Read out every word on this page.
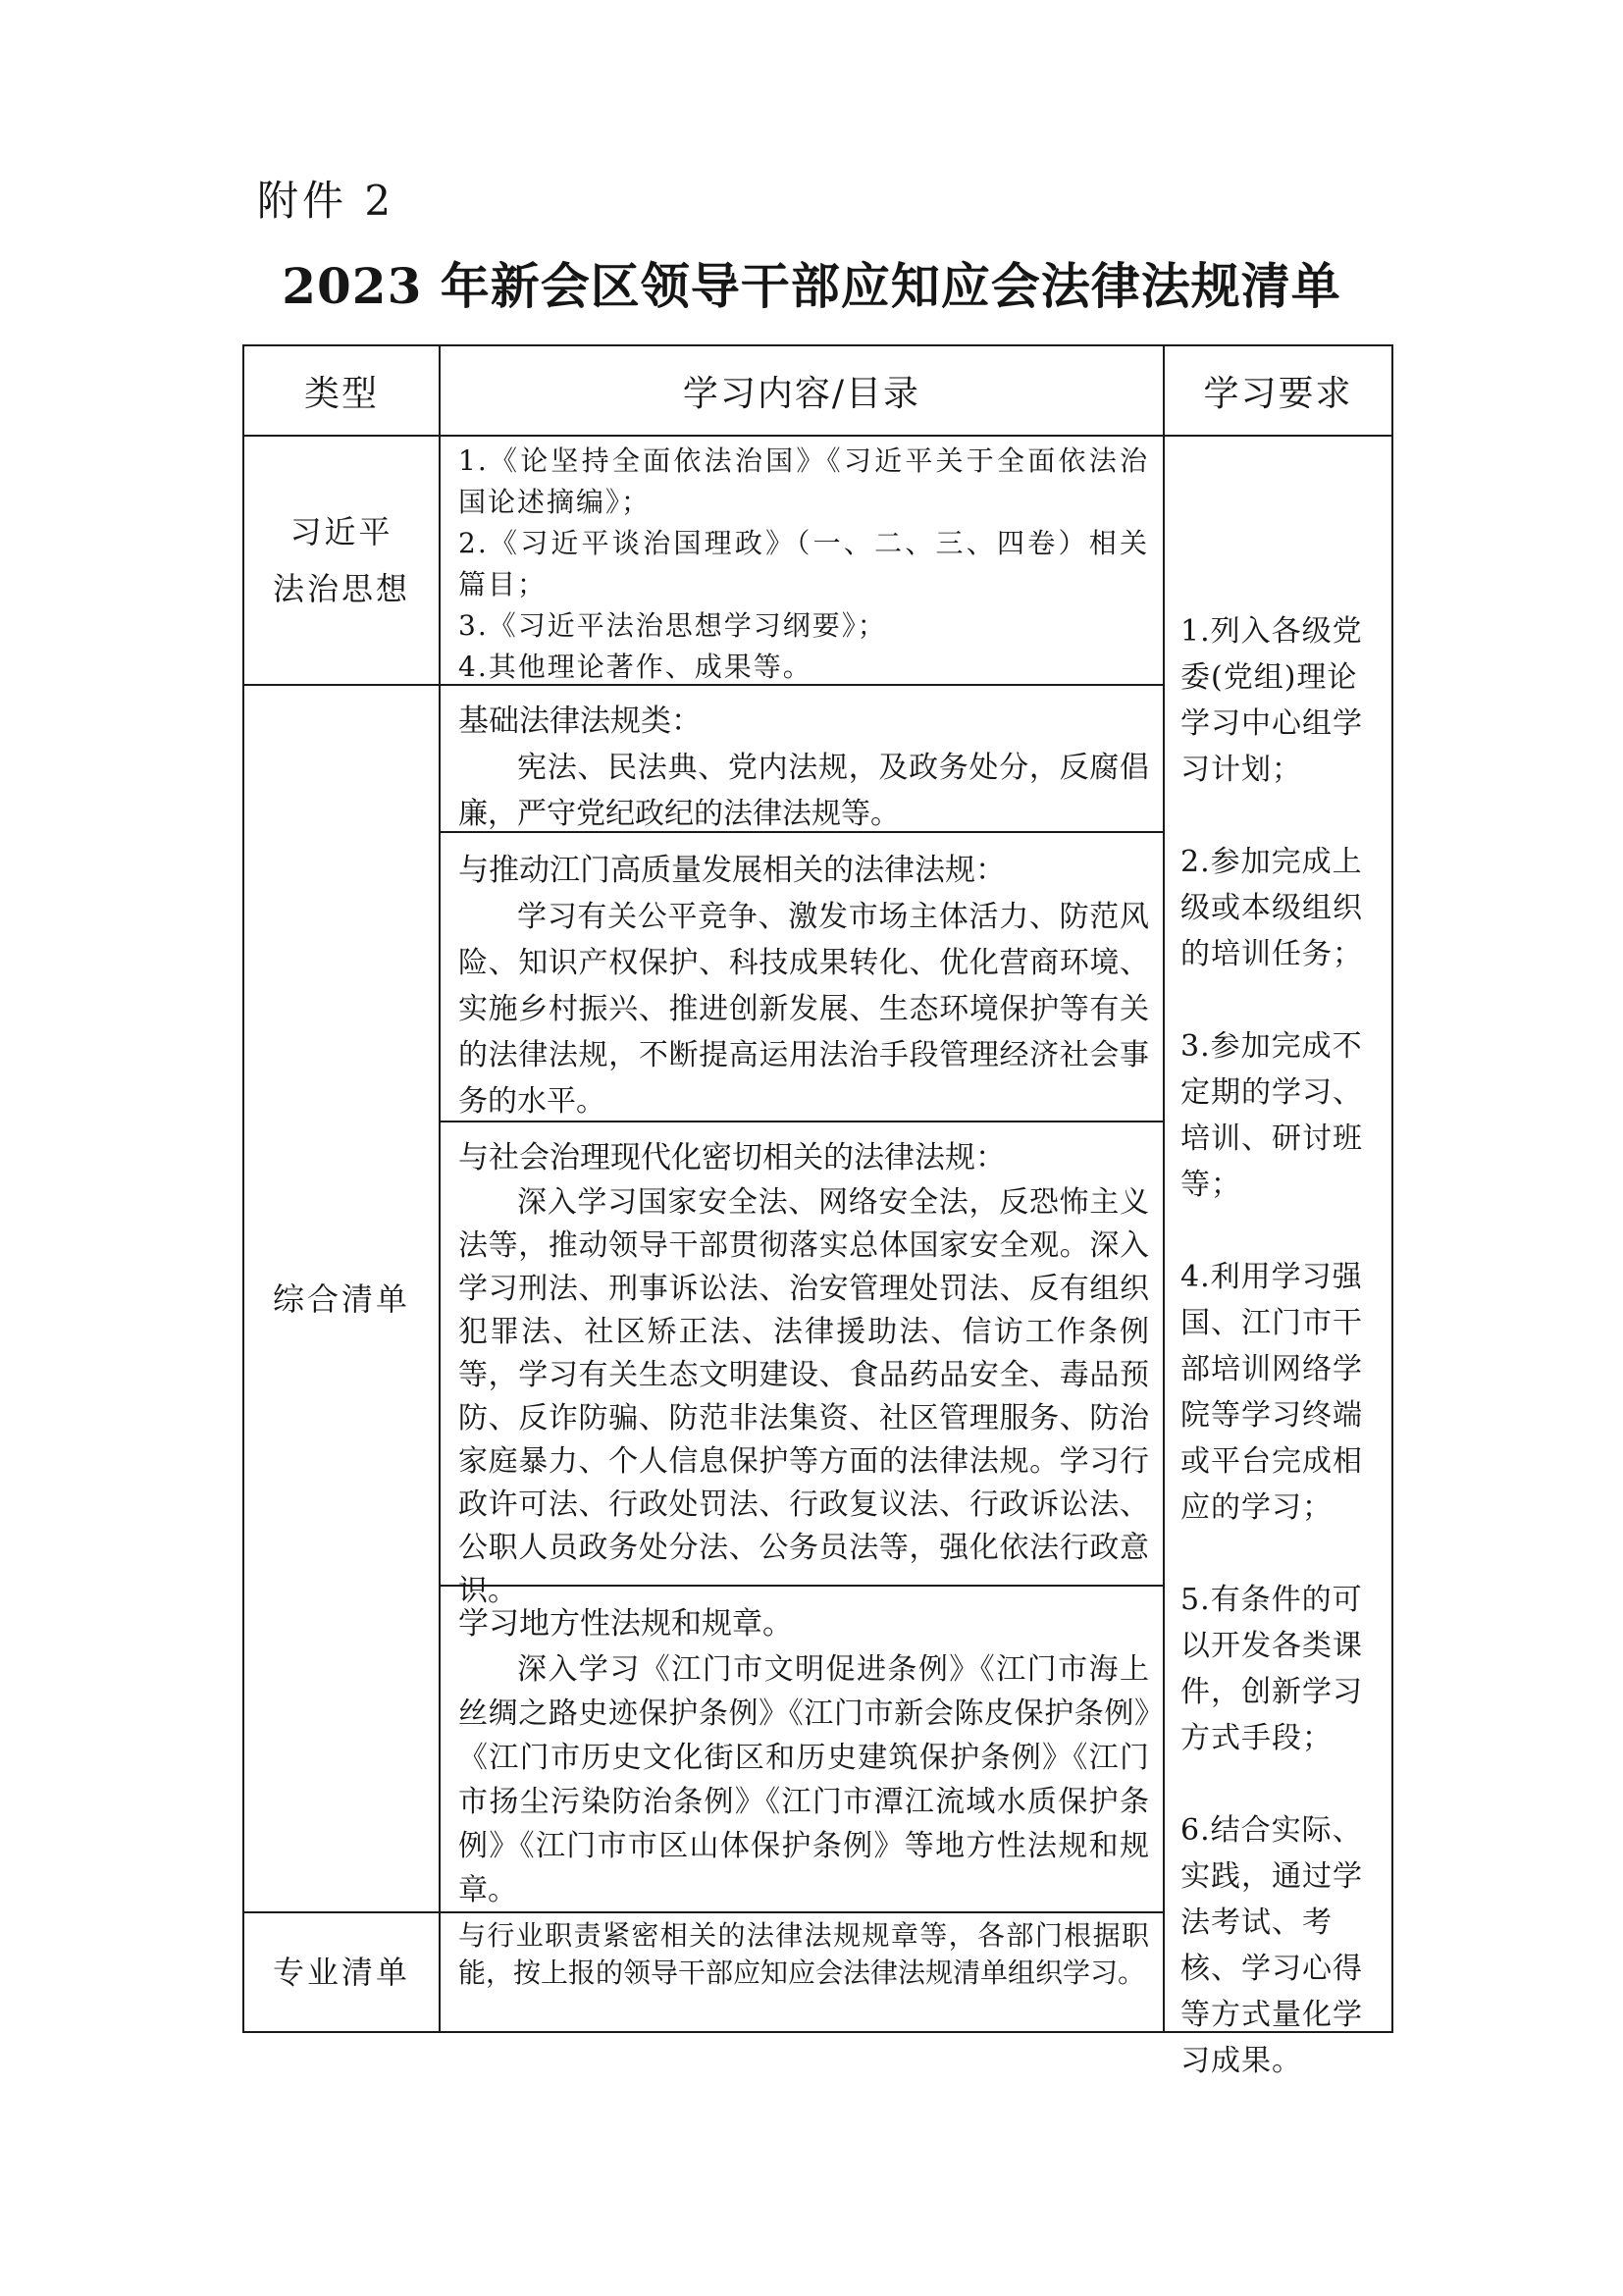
附件 2
2023 年新会区领导干部应知应会法律法规清单
类型	学习内容/目录	学习要求
习近平
法治思想
综合清单
专业清单

1.《论坚持全面依法治国》《习近平关于全面依法治国论述摘编》；

2.《习近平谈治国理政》（一、二、三、四卷）相关篇目；

3.《习近平法治思想学习纲要》；

4.其他理论著作、成果等。

基础法律法规类：

宪法、民法典、党内法规，及政务处分，反腐倡廉，严守党纪政纪的法律法规等。

与推动江门高质量发展相关的法律法规：

学习有关公平竞争、激发市场主体活力、防范风险、知识产权保护、科技成果转化、优化营商环境、实施乡村振兴、推进创新发展、生态环境保护等有关的法律法规，不断提高运用法治手段管理经济社会事务的水平。

与社会治理现代化密切相关的法律法规：

深入学习国家安全法、网络安全法，反恐怖主义法等，推动领导干部贯彻落实总体国家安全观。深入学习刑法、刑事诉讼法、治安管理处罚法、反有组织犯罪法、社区矫正法、法律援助法、信访工作条例等，学习有关生态文明建设、食品药品安全、毒品预防、反诈防骗、防范非法集资、社区管理服务、防治家庭暴力、个人信息保护等方面的法律法规。学习行政许可法、行政处罚法、行政复议法、行政诉讼法、公职人员政务处分法、公务员法等，强化依法行政意识。

学习地方性法规和规章。

深入学习《江门市文明促进条例》《江门市海上丝绸之路史迹保护条例》《江门市新会陈皮保护条例》《江门市历史文化街区和历史建筑保护条例》《江门市扬尘污染防治条例》《江门市潭江流域水质保护条例》《江门市市区山体保护条例》等地方性法规和规章。

与行业职责紧密相关的法律法规规章等，各部门根据职能，按上报的领导干部应知应会法律法规清单组织学习。

1.列入各级党委(党组)理论学习中心组学习计划；

2.参加完成上级或本级组织的培训任务；

3.参加完成不定期的学习、培训、研讨班等；

4.利用学习强国、江门市干部培训网络学院等学习终端或平台完成相应的学习；

5.有条件的可以开发各类课件，创新学习方式手段；

6.结合实际、实践，通过学法考试、考核、学习心得等方式量化学习成果。
